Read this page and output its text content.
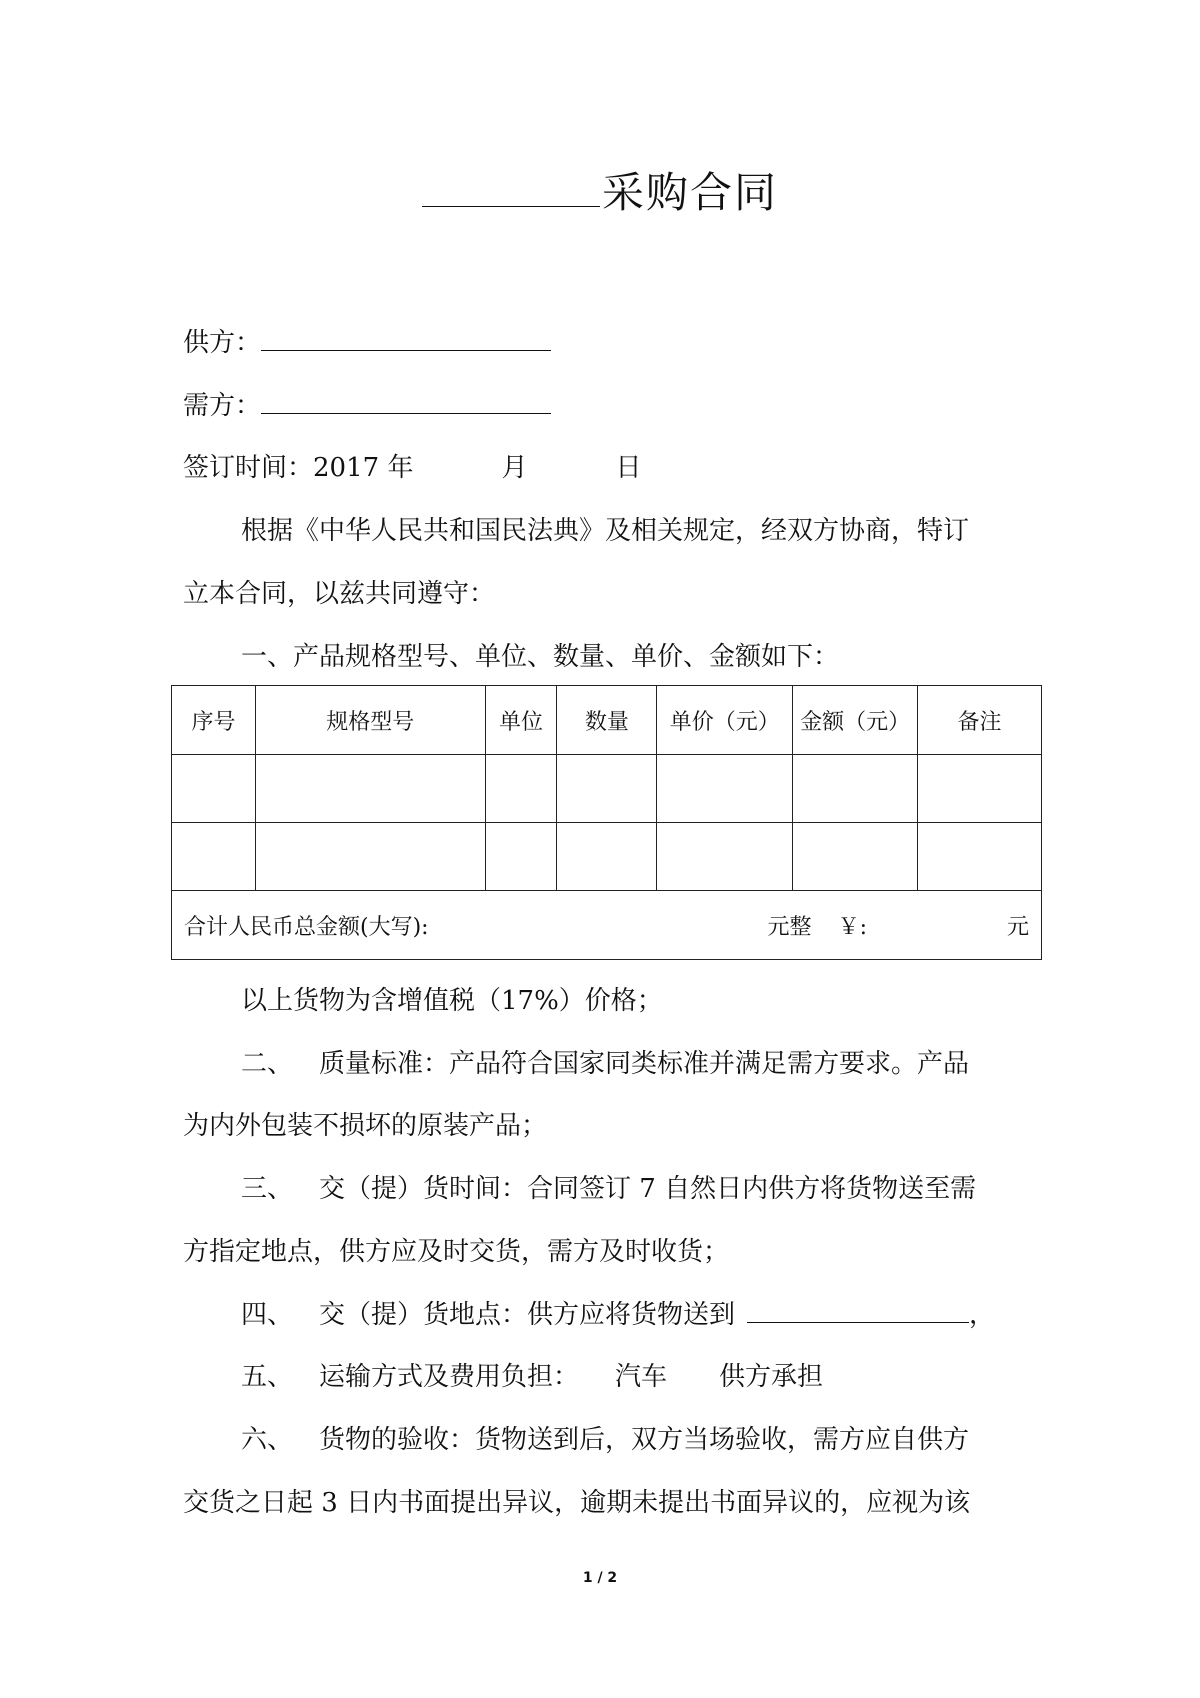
采购合同
供方：
需方：
签订时间：2017 年	月	日
根据《中华人民共和国民法典》及相关规定，经双方协商，特订
立本合同，以兹共同遵守：
一、产品规格型号、单位、数量、单价、金额如下：
序号	规格型号	单位	数量	单价（元）	金额（元）	备注

合计人民币总金额(大写): 元整 ￥: 元						
以上货物为含增值税（17%）价格；
二、 质量标准：产品符合国家同类标准并满足需方要求。产品
为内外包装不损坏的原装产品；
三、 交（提）货时间：合同签订 7 自然日内供方将货物送至需
方指定地点，供方应及时交货，需方及时收货；
四、 交（提）货地点：供方应将货物送到	，
五、 运输方式及费用负担： 汽车 供方承担
六、 货物的验收：货物送到后，双方当场验收，需方应自供方
交货之日起 3 日内书面提出异议，逾期未提出书面异议的，应视为该
1 / 2
